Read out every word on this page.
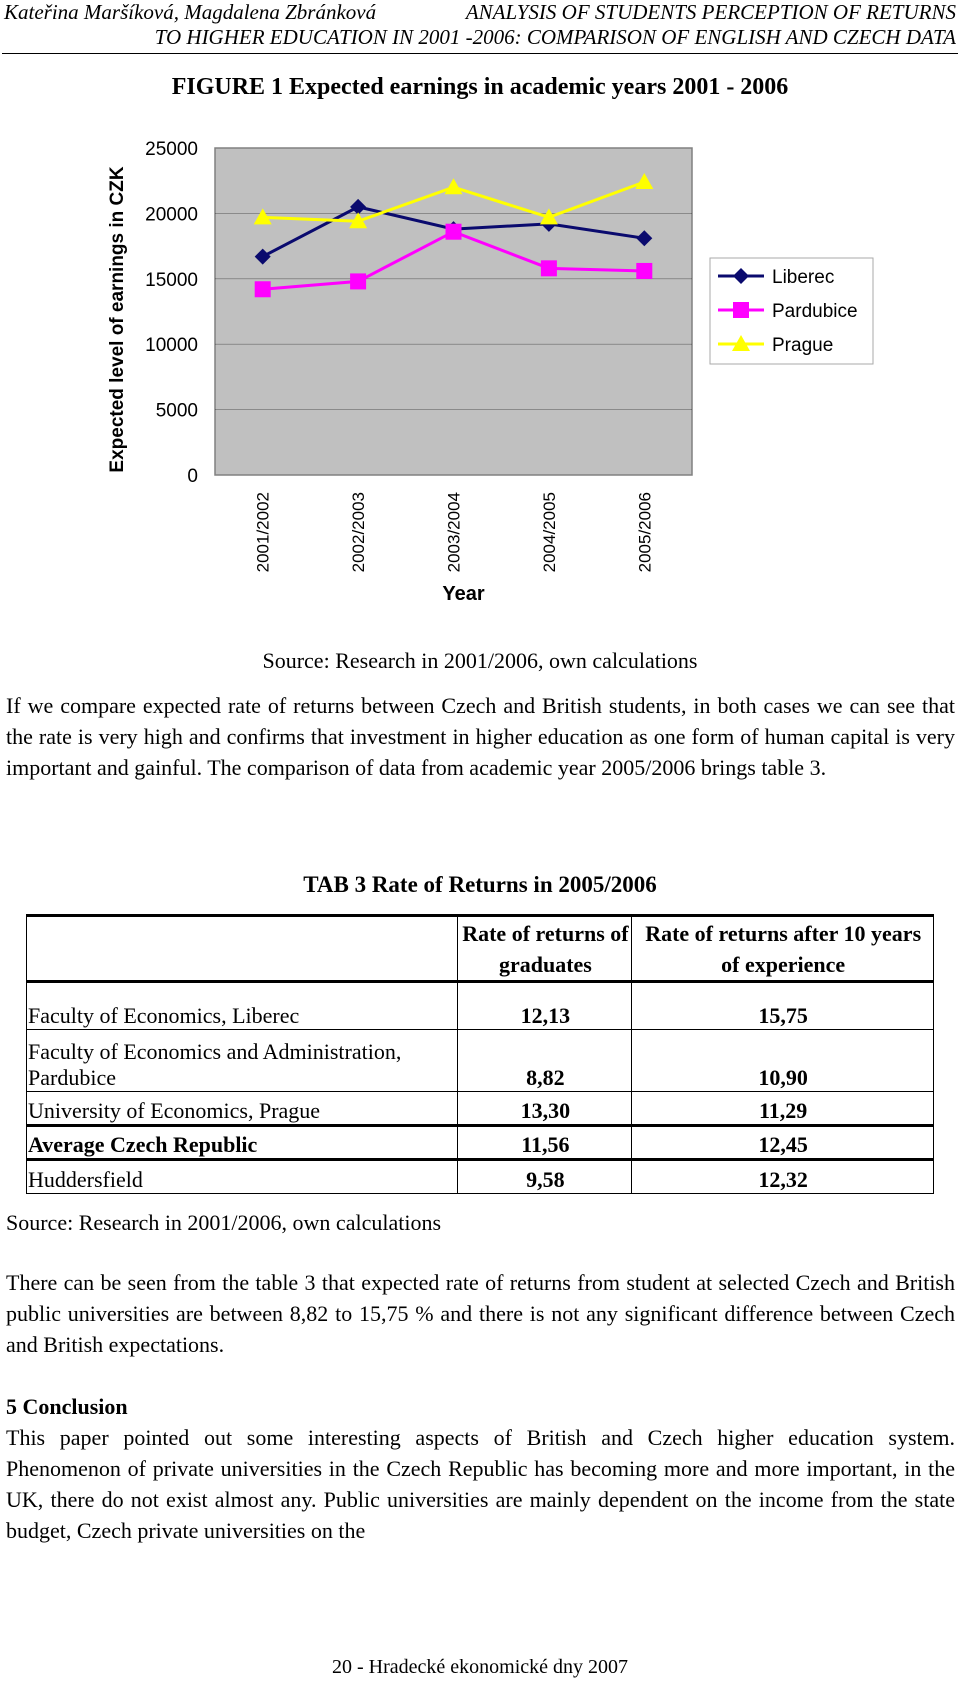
Kateřina Maršíková, Magdalena Zbránková	ANALYSIS OF STUDENTS PERCEPTION OF RETURNS
TO HIGHER EDUCATION IN 2001 -2006: COMPARISON OF ENGLISH AND CZECH DATA
FIGURE 1 Expected earnings in academic years 2001 - 2006
25000
20000
15000
10000
5000
0
2001/2002	2002/2003	2003/2004	2004/2005	2005/2006
Year
Expected level of earnings in CZK	Liberec
Pardubice
Prague
Source: Research in 2001/2006, own calculations
If we compare expected rate of returns between Czech and British students, in both cases we can see that the rate is very high and confirms that investment in higher education as one form of human capital is very important and gainful. The comparison of data from academic year 2005/2006 brings table 3.
TAB 3 Rate of Returns in 2005/2006
	Rate of returns of graduates	Rate of returns after 10 years of experience
Faculty of Economics, Liberec	12,13	15,75
Faculty of Economics and Administration, Pardubice	8,82	10,90
University of Economics, Prague	13,30	11,29
Average Czech Republic	11,56	12,45
Huddersfield	9,58	12,32
Source: Research in 2001/2006, own calculations
There can be seen from the table 3 that expected rate of returns from student at selected Czech and British public universities are between 8,82 to 15,75 % and there is not any significant difference between Czech and British expectations.
5 Conclusion
This paper pointed out some interesting aspects of British and Czech higher education system. Phenomenon of private universities in the Czech Republic has becoming more and more important, in the UK, there do not exist almost any. Public universities are mainly dependent on the income from the state budget, Czech private universities on the
20 - Hradecké ekonomické dny 2007
